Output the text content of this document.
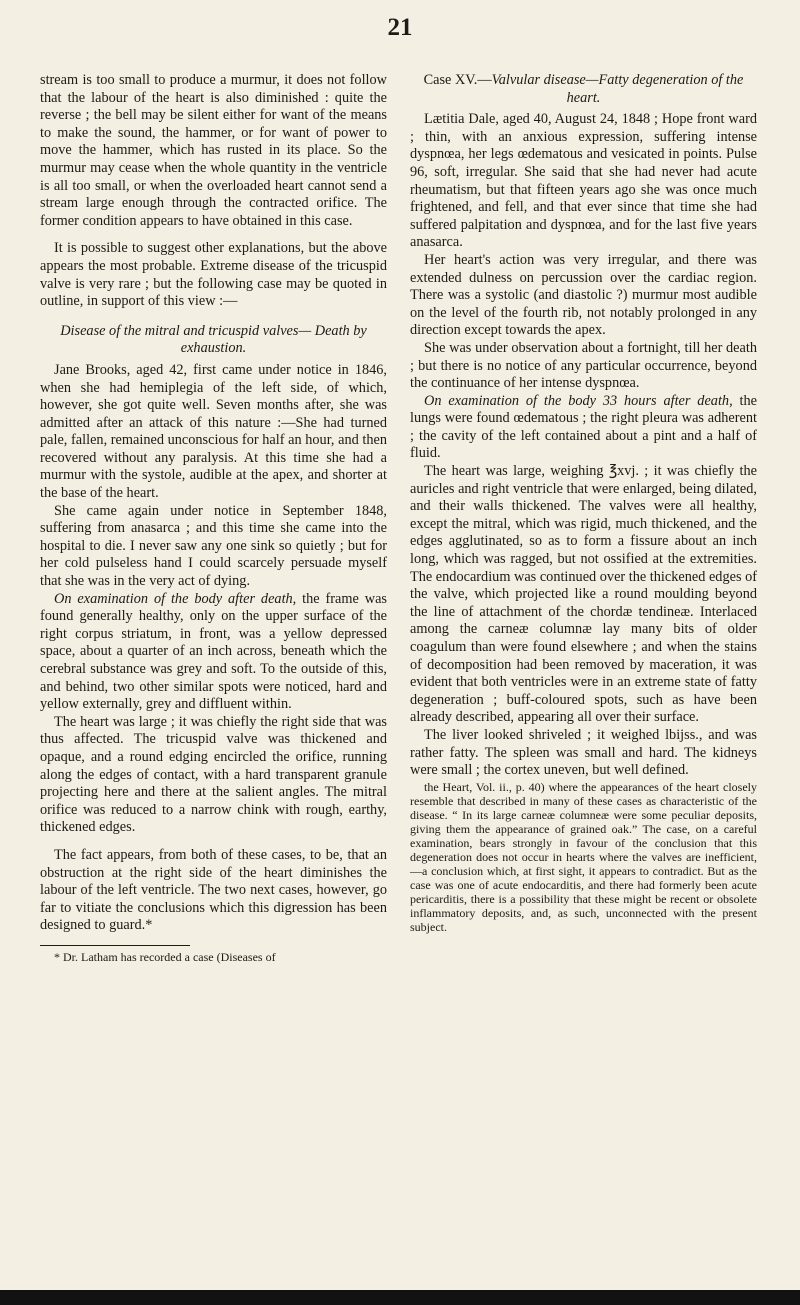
21

stream is too small to produce a murmur, it does not follow that the labour of the heart is also diminished : quite the reverse ; the bell may be silent either for want of the means to make the sound, the hammer, or for want of power to move the hammer, which has rusted in its place. So the murmur may cease when the whole quantity in the ventricle is all too small, or when the overloaded heart cannot send a stream large enough through the contracted orifice. The former condition appears to have obtained in this case.

It is possible to suggest other explanations, but the above appears the most probable. Extreme disease of the tricuspid valve is very rare ; but the following case may be quoted in outline, in support of this view :—

Disease of the mitral and tricuspid valves— Death by exhaustion.

Jane Brooks, aged 42, first came under notice in 1846, when she had hemiplegia of the left side, of which, however, she got quite well. Seven months after, she was admitted after an attack of this nature :—She had turned pale, fallen, remained unconscious for half an hour, and then recovered without any paralysis. At this time she had a murmur with the systole, audible at the apex, and shorter at the base of the heart.

She came again under notice in September 1848, suffering from anasarca ; and this time she came into the hospital to die. I never saw any one sink so quietly ; but for her cold pulseless hand I could scarcely persuade myself that she was in the very act of dying.

On examination of the body after death, the frame was found generally healthy, only on the upper surface of the right corpus striatum, in front, was a yellow depressed space, about a quarter of an inch across, beneath which the cerebral substance was grey and soft. To the outside of this, and behind, two other similar spots were noticed, hard and yellow externally, grey and diffluent within.

The heart was large ; it was chiefly the right side that was thus affected. The tricuspid valve was thickened and opaque, and a round edging encircled the orifice, running along the edges of contact, with a hard transparent granule projecting here and there at the salient angles. The mitral orifice was reduced to a narrow chink with rough, earthy, thickened edges.

The fact appears, from both of these cases, to be, that an obstruction at the right side of the heart diminishes the labour of the left ventricle. The two next cases, however, go far to vitiate the conclusions which this digression has been designed to guard.*

* Dr. Latham has recorded a case (Diseases of

Case XV.—Valvular disease—Fatty degeneration of the heart.

Lætitia Dale, aged 40, August 24, 1848 ; Hope front ward ; thin, with an anxious expression, suffering intense dyspnœa, her legs œdematous and vesicated in points. Pulse 96, soft, irregular. She said that she had never had acute rheumatism, but that fifteen years ago she was once much frightened, and fell, and that ever since that time she had suffered palpitation and dyspnœa, and for the last five years anasarca.

Her heart's action was very irregular, and there was extended dulness on percussion over the cardiac region. There was a systolic (and diastolic ?) murmur most audible on the level of the fourth rib, not notably prolonged in any direction except towards the apex.

She was under observation about a fortnight, till her death ; but there is no notice of any particular occurrence, beyond the continuance of her intense dyspnœa.

On examination of the body 33 hours after death, the lungs were found œdematous ; the right pleura was adherent ; the cavity of the left contained about a pint and a half of fluid.

The heart was large, weighing ℥xvj. ; it was chiefly the auricles and right ventricle that were enlarged, being dilated, and their walls thickened. The valves were all healthy, except the mitral, which was rigid, much thickened, and the edges agglutinated, so as to form a fissure about an inch long, which was ragged, but not ossified at the extremities. The endocardium was continued over the thickened edges of the valve, which projected like a round moulding beyond the line of attachment of the chordæ tendineæ. Interlaced among the carneæ columnæ lay many bits of older coagulum than were found elsewhere ; and when the stains of decomposition had been removed by maceration, it was evident that both ventricles were in an extreme state of fatty degeneration ; buff-coloured spots, such as have been already described, appearing all over their surface.

The liver looked shriveled ; it weighed lbijss., and was rather fatty. The spleen was small and hard. The kidneys were small ; the cortex uneven, but well defined.

the Heart, Vol. ii., p. 40) where the appearances of the heart closely resemble that described in many of these cases as characteristic of the disease. “ In its large carneæ columneæ were some peculiar deposits, giving them the appearance of grained oak.” The case, on a careful examination, bears strongly in favour of the conclusion that this degeneration does not occur in hearts where the valves are inefficient,—a conclusion which, at first sight, it appears to contradict. But as the case was one of acute endocarditis, and there had formerly been acute pericarditis, there is a possibility that these might be recent or obsolete inflammatory deposits, and, as such, unconnected with the present subject.
